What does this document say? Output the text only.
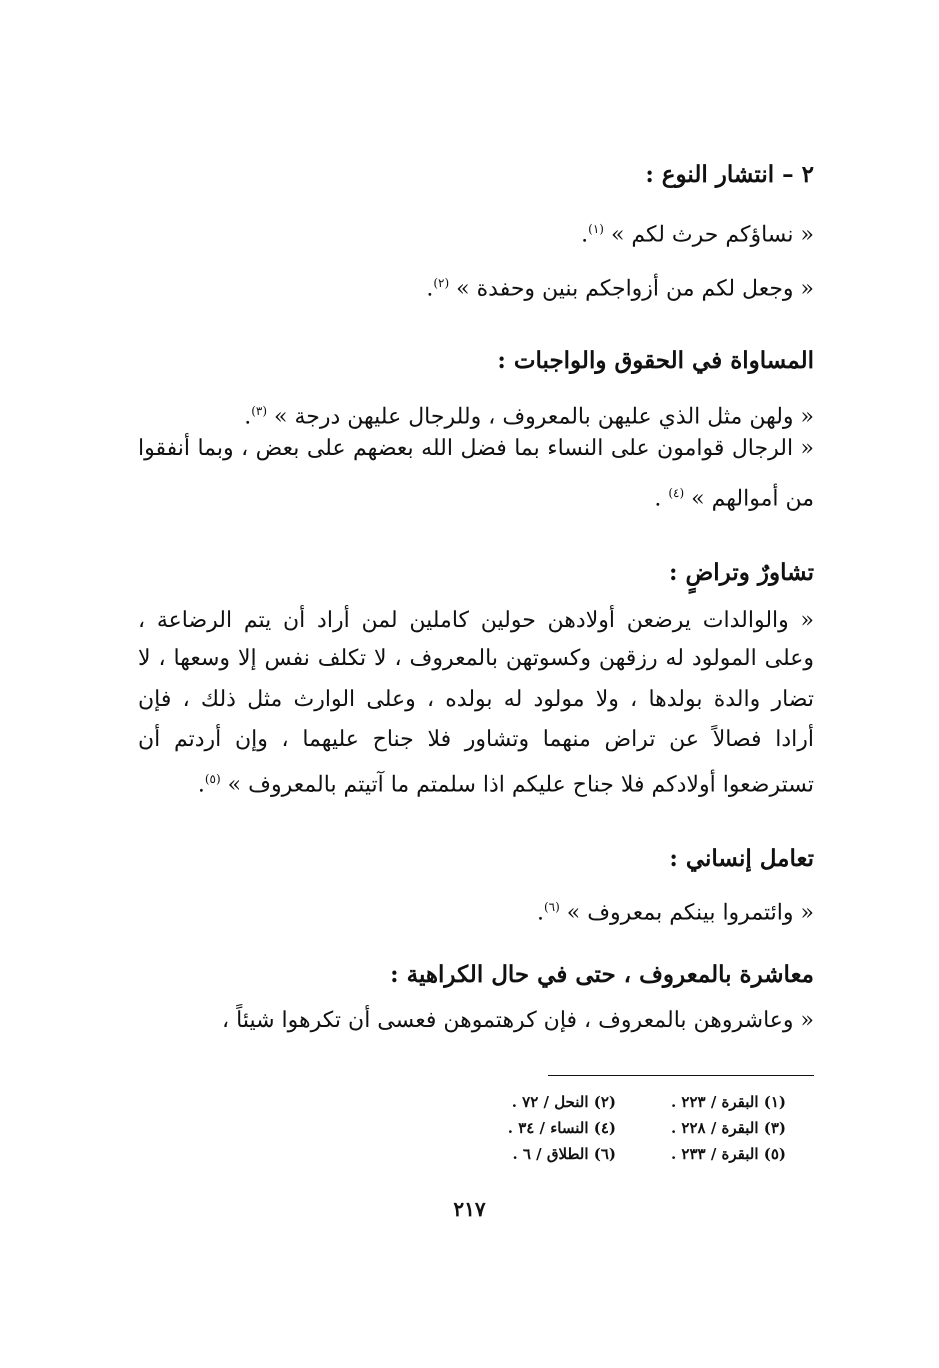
٢ – انتشار النوع :
« نساؤكم حرث لكم » $^{(١)}$.
« وجعل لكم من أزواجكم بنين وحفدة » $^{(٢)}$.
المساواة في الحقوق والواجبات :
« ولهن مثل الذي عليهن بالمعروف ، وللرجال عليهن درجة » $^{(٣)}$.
« الرجال قوامون على النساء بما فضل الله بعضهم على بعض ، وبما أنفقوا
من أموالهم » $^{(٤)}$ .
تشاورٌ وتراضٍ :
« والوالدات يرضعن أولادهن حولين كاملين لمن أراد أن يتم الرضاعة ،
وعلى المولود له رزقهن وكسوتهن بالمعروف ، لا تكلف نفس إلا وسعها ، لا
تضار والدة بولدها ، ولا مولود له بولده ، وعلى الوارث مثل ذلك ، فإن
أرادا فصالاً عن تراض منهما وتشاور فلا جناح عليهما ، وإن أردتم أن
تسترضعوا أولادكم فلا جناح عليكم اذا سلمتم ما آتيتم بالمعروف » $^{(٥)}$.
تعامل إنساني :
« وائتمروا بينكم بمعروف » $^{(٦)}$.
معاشرة بالمعروف ، حتى في حال الكراهية :
« وعاشروهن بالمعروف ، فإن كرهتموهن فعسى أن تكرهوا شيئاً ،
(١) البقرة / ٢٢٣ .(٢) النحل / ٧٢ .
(٣) البقرة / ٢٢٨ .(٤) النساء / ٣٤ .
(٥) البقرة / ٢٣٣ .(٦) الطلاق / ٦ .
٢١٧
